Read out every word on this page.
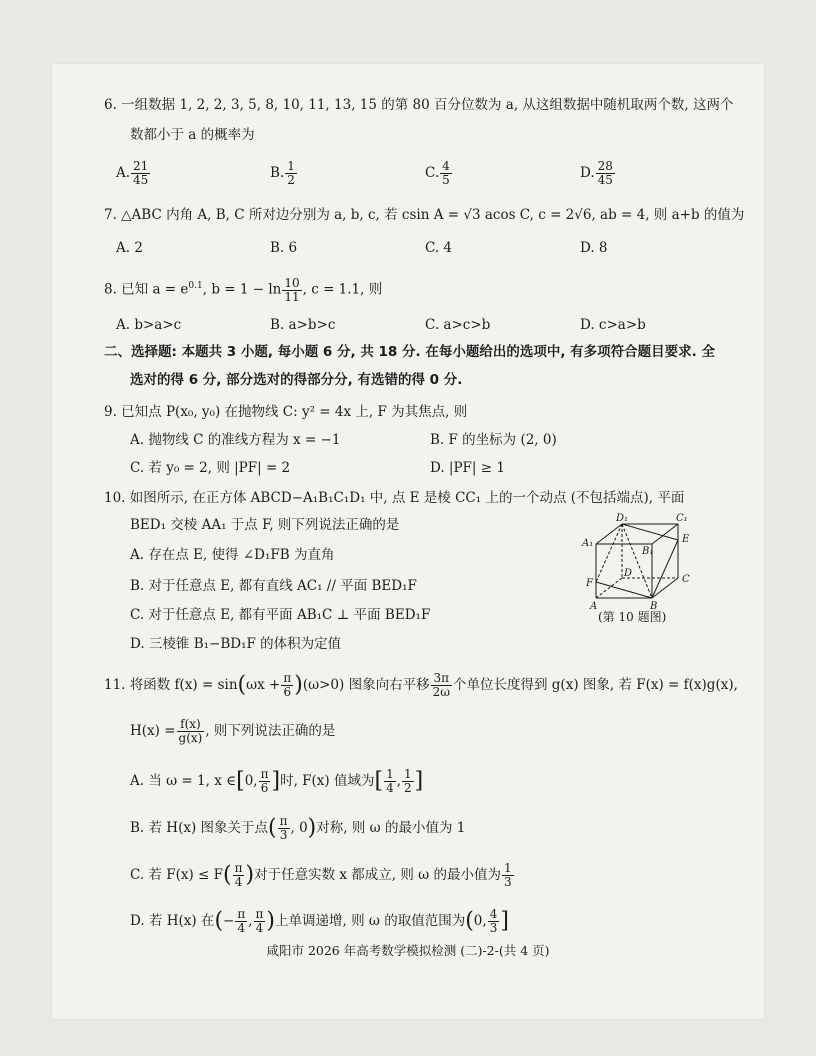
6. 一组数据 1, 2, 2, 3, 5, 8, 10, 11, 13, 15 的第 80 百分位数为 a, 从这组数据中随机取两个数, 这两个
数都小于 a 的概率为
A. $\frac{21}{45}$	B. $\frac{1}{2}$	C. $\frac{4}{5}$	D. $\frac{28}{45}$
7. △ABC 内角 A, B, C 所对边分别为 a, b, c, 若 csin A = √3 acos C, c = 2√6, ab = 4, 则 a+b 的值为
A. 2	B. 6	C. 4	D. 8
8. 已知 $a = e^{0.1}$, $b = 1 - \ln \frac{10}{11}$ , c = 1.1, 则
A. b>a>c	B. a>b>c	C. a>c>b	D. c>a>b
二、选择题: 本题共 3 小题, 每小题 6 分, 共 18 分. 在每小题给出的选项中, 有多项符合题目要求. 全
选对的得 6 分, 部分选对的得部分分, 有选错的得 0 分.
9. 已知点 P(x₀, y₀) 在抛物线 C: y² = 4x 上, F 为其焦点, 则
A. 抛物线 C 的准线方程为 x = −1	B. F 的坐标为 (2, 0)
C. 若 y₀ = 2, 则 |PF| = 2	D. |PF| ≥ 1
10. 如图所示, 在正方体 ABCD−A₁B₁C₁D₁ 中, 点 E 是棱 CC₁ 上的一个动点 (不包括端点), 平面
BED₁ 交棱 AA₁ 于点 F, 则下列说法正确的是
A. 存在点 E, 使得 ∠D₁FB 为直角
B. 对于任意点 E, 都有直线 AC₁ // 平面 BED₁F
C. 对于任意点 E, 都有平面 AB₁C ⊥ 平面 BED₁F
D. 三棱锥 B₁−BD₁F 的体积为定值
D₁	C₁
A₁
B₁
E
D
C
F
A	B
(第 10 题图)
11. 将函数 $f(x) = \sin(\omega x + \frac{\pi}{6} )(\omega>0)$ 图象向右平移 $\frac{3\pi}{2\omega}$ 个单位长度得到 g(x) 图象, 若 F(x) = f(x)g(x),
$H(x) = \frac{f(x)}{g(x)}$ , 则下列说法正确的是
A. 当 ω = 1, x ∈[0, $\frac{\pi}{6}$ ]时, F(x) 值域为[ $\frac{1}{4}$ , $\frac{1}{2}$ ]
B. 若 H(x) 图象关于点( $\frac{\pi}{3}$ , 0)对称, 则 ω 的最小值为 1
C. 若 $F(x) \le F( \frac{\pi}{4}$ )对于任意实数 x 都成立, 则 ω 的最小值为 $\frac{1}{3}$
D. 若 H(x) 在(− $\frac{\pi}{4}$ , $\frac{\pi}{4}$ )上单调递增, 则 ω 的取值范围为(0, $\frac{4}{3}$ ]
咸阳市 2026 年高考数学模拟检测 (二)-2-(共 4 页)
